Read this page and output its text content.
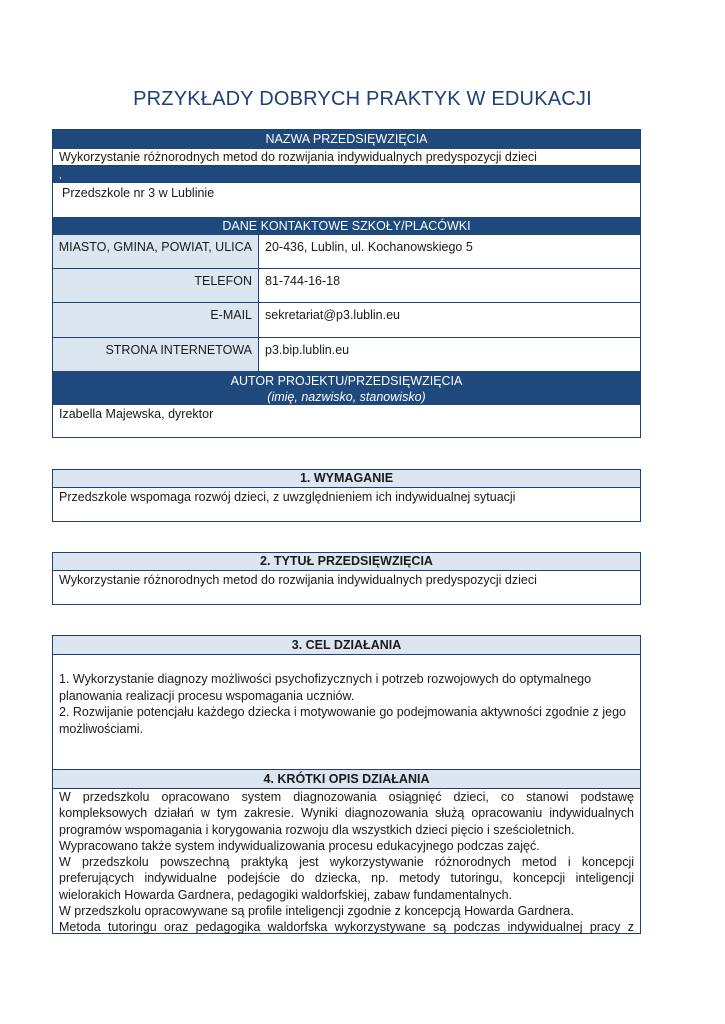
PRZYKŁADY DOBRYCH PRAKTYK W EDUKACJI
NAZWA PRZEDSIĘWZIĘCIA
Wykorzystanie różnorodnych metod do rozwijania indywidualnych predyspozycji dzieci
,
Przedszkole nr 3 w Lublinie
DANE KONTAKTOWE SZKOŁY/PLACÓWKI
MIASTO, GMINA, POWIAT, ULICA	20-436, Lublin, ul. Kochanowskiego 5
TELEFON	81-744-16-18
E-MAIL	sekretariat@p3.lublin.eu
STRONA INTERNETOWA	p3.bip.lublin.eu
AUTOR PROJEKTU/PRZEDSIĘWZIĘCIA
(imię, nazwisko, stanowisko)
Izabella Majewska, dyrektor
1. WYMAGANIE
Przedszkole wspomaga rozwój dzieci, z uwzględnieniem ich indywidualnej sytuacji
2. TYTUŁ PRZEDSIĘWZIĘCIA
Wykorzystanie różnorodnych metod do rozwijania indywidualnych predyspozycji dzieci
3. CEL DZIAŁANIA
1. Wykorzystanie diagnozy możliwości psychofizycznych i potrzeb rozwojowych do optymalnego planowania realizacji procesu wspomagania uczniów.
2. Rozwijanie potencjału każdego dziecka i motywowanie go podejmowania aktywności zgodnie z jego możliwościami.
4. KRÓTKI OPIS DZIAŁANIA

W przedszkolu opracowano system diagnozowania osiągnięć dzieci, co stanowi podstawę kompleksowych działań w tym zakresie. Wyniki diagnozowania służą opracowaniu indywidualnych programów wspomagania i korygowania rozwoju dla wszystkich dzieci pięcio i sześcioletnich.

Wypracowano także system indywidualizowania procesu edukacyjnego podczas zajęć.

W przedszkolu powszechną praktyką jest wykorzystywanie różnorodnych metod i koncepcji preferujących indywidualne podejście do dziecka, np. metody tutoringu, koncepcji inteligencji wielorakich Howarda Gardnera, pedagogiki waldorfskiej, zabaw fundamentalnych.

W przedszkolu opracowywane są profile inteligencji zgodnie z koncepcją Howarda Gardnera.

Metoda tutoringu oraz pedagogika waldorfska wykorzystywane są podczas indywidualnej pracy z
